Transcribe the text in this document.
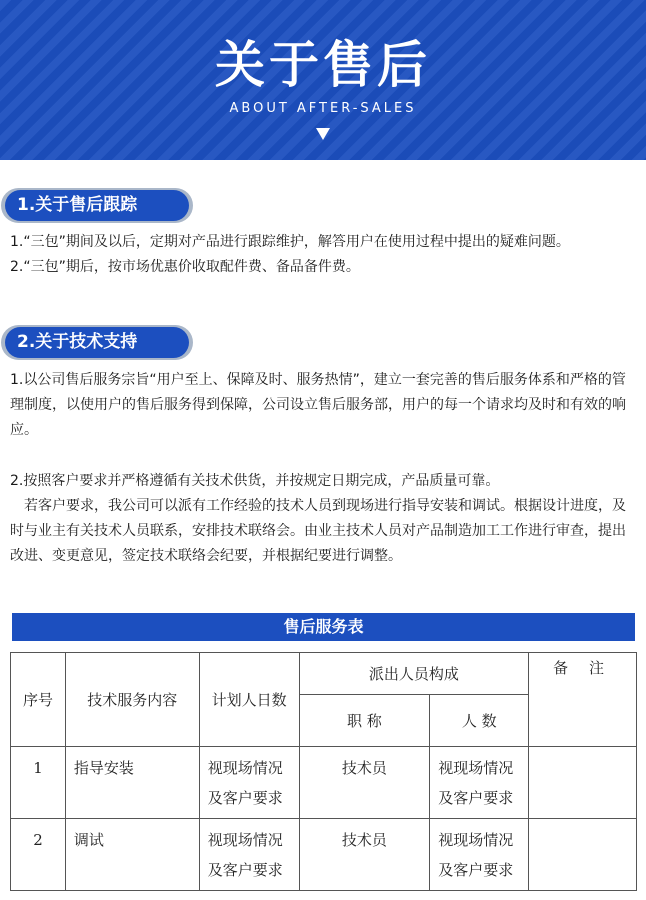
关于售后
ABOUT AFTER-SALES
1.关于售后跟踪

1.“三包”期间及以后，定期对产品进行跟踪维护，解答用户在使用过程中提出的疑难问题。

2.“三包”期后，按市场优惠价收取配件费、备品备件费。

2.关于技术支持
1.以公司售后服务宗旨“用户至上、保障及时、服务热情”，建立一套完善的售后服务体系和严格的管理制度，以使用户的售后服务得到保障，公司设立售后服务部，用户的每一个请求均及时和有效的响应。

2.按照客户要求并严格遵循有关技术供货，并按规定日期完成，产品质量可靠。

　若客户要求，我公司可以派有工作经验的技术人员到现场进行指导安装和调试。根据设计进度，及时与业主有关技术人员联系，安排技术联络会。由业主技术人员对产品制造加工工作进行审查，提出改进、变更意见，签定技术联络会纪要，并根据纪要进行调整。

售后服务表
序号	技术服务内容	计划人日数	派出人员构成		备 注
			职 称	人 数	
1	指导安装	视现场情况及客户要求	技术员	视现场情况及客户要求	
2	调试	视现场情况及客户要求	技术员	视现场情况及客户要求	
